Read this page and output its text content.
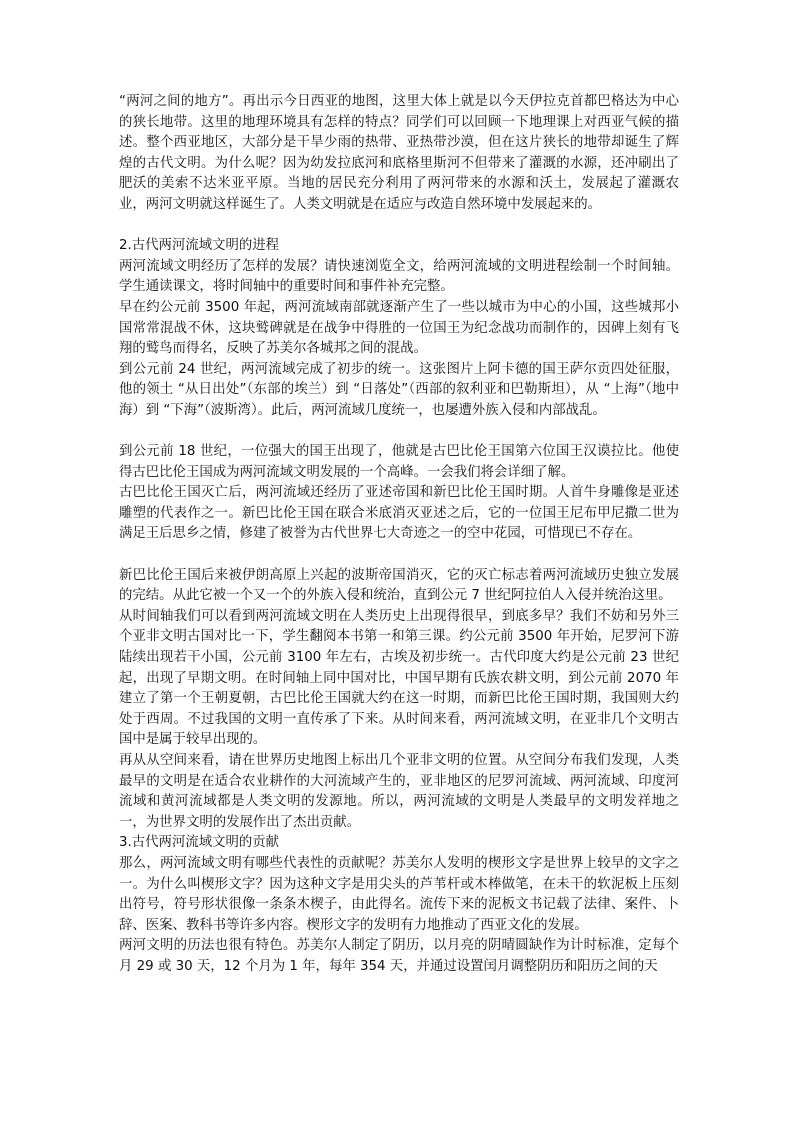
“两河之间的地方”。再出示今日西亚的地图，这里大体上就是以今天伊拉克首都巴格达为中心的狭长地带。这里的地理环境具有怎样的特点？同学们可以回顾一下地理课上对西亚气候的描述。整个西亚地区，大部分是干旱少雨的热带、亚热带沙漠，但在这片狭长的地带却诞生了辉煌的古代文明。为什么呢？因为幼发拉底河和底格里斯河不但带来了灌溉的水源，还冲刷出了肥沃的美索不达米亚平原。当地的居民充分利用了两河带来的水源和沃土，发展起了灌溉农业，两河文明就这样诞生了。人类文明就是在适应与改造自然环境中发展起来的。

2.古代两河流域文明的进程

两河流域文明经历了怎样的发展？请快速浏览全文，给两河流域的文明进程绘制一个时间轴。学生通读课文，将时间轴中的重要时间和事件补充完整。

早在约公元前 3500 年起，两河流域南部就逐渐产生了一些以城市为中心的小国，这些城邦小国常常混战不休，这块鹫碑就是在战争中得胜的一位国王为纪念战功而制作的，因碑上刻有飞翔的鹫鸟而得名，反映了苏美尔各城邦之间的混战。

到公元前 24 世纪，两河流域完成了初步的统一。这张图片上阿卡德的国王萨尔贡四处征服，他的领土 “从日出处”（东部的埃兰）到 “日落处”（西部的叙利亚和巴勒斯坦），从 “上海”（地中海）到 “下海”（波斯湾）。此后，两河流域几度统一，也屡遭外族入侵和内部战乱。

到公元前 18 世纪，一位强大的国王出现了，他就是古巴比伦王国第六位国王汉谟拉比。他使得古巴比伦王国成为两河流域文明发展的一个高峰。一会我们将会详细了解。

古巴比伦王国灭亡后，两河流域还经历了亚述帝国和新巴比伦王国时期。人首牛身雕像是亚述雕塑的代表作之一。新巴比伦王国在联合米底消灭亚述之后，它的一位国王尼布甲尼撒二世为满足王后思乡之情，修建了被誉为古代世界七大奇迹之一的空中花园，可惜现已不存在。

新巴比伦王国后来被伊朗高原上兴起的波斯帝国消灭，它的灭亡标志着两河流域历史独立发展的完结。从此它被一个又一个的外族入侵和统治，直到公元 7 世纪阿拉伯人入侵并统治这里。

从时间轴我们可以看到两河流域文明在人类历史上出现得很早，到底多早？我们不妨和另外三个亚非文明古国对比一下，学生翻阅本书第一和第三课。约公元前 3500 年开始，尼罗河下游陆续出现若干小国，公元前 3100 年左右，古埃及初步统一。古代印度大约是公元前 23 世纪起，出现了早期文明。在时间轴上同中国对比，中国早期有氏族农耕文明，到公元前 2070 年建立了第一个王朝夏朝，古巴比伦王国就大约在这一时期，而新巴比伦王国时期，我国则大约处于西周。不过我国的文明一直传承了下来。从时间来看，两河流域文明，在亚非几个文明古国中是属于较早出现的。

再从从空间来看，请在世界历史地图上标出几个亚非文明的位置。从空间分布我们发现，人类最早的文明是在适合农业耕作的大河流域产生的，亚非地区的尼罗河流域、两河流域、印度河流域和黄河流域都是人类文明的发源地。所以，两河流域的文明是人类最早的文明发祥地之一，为世界文明的发展作出了杰出贡献。

3.古代两河流域文明的贡献

那么，两河流域文明有哪些代表性的贡献呢？苏美尔人发明的楔形文字是世界上较早的文字之一。为什么叫楔形文字？因为这种文字是用尖头的芦苇杆或木棒做笔，在未干的软泥板上压刻出符号，符号形状很像一条条木楔子，由此得名。流传下来的泥板文书记载了法律、案件、卜辞、医案、教科书等许多内容。楔形文字的发明有力地推动了西亚文化的发展。

两河文明的历法也很有特色。苏美尔人制定了阴历，以月亮的阴晴圆缺作为计时标准，定每个月 29 或 30 天，12 个月为 1 年，每年 354 天，并通过设置闰月调整阴历和阳历之间的天
